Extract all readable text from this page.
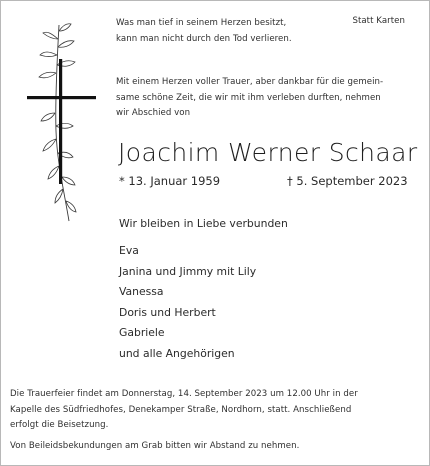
Was man tief in seinem Herzen besitzt,
kann man nicht durch den Tod verlieren.
Statt Karten
Mit einem Herzen voller Trauer, aber dankbar für die gemein-
same schöne Zeit, die wir mit ihm verleben durften, nehmen
wir Abschied von
Joachim Werner Schaar
* 13. Januar 1959	† 5. September 2023
Wir bleiben in Liebe verbunden
Eva
Janina und Jimmy mit Lily
Vanessa
Doris und Herbert
Gabriele
und alle Angehörigen
Die Trauerfeier findet am Donnerstag, 14. September 2023 um 12.00 Uhr in der
Kapelle des Südfriedhofes, Denekamper Straße, Nordhorn, statt. Anschließend
erfolgt die Beisetzung.
Von Beileidsbekundungen am Grab bitten wir Abstand zu nehmen.
